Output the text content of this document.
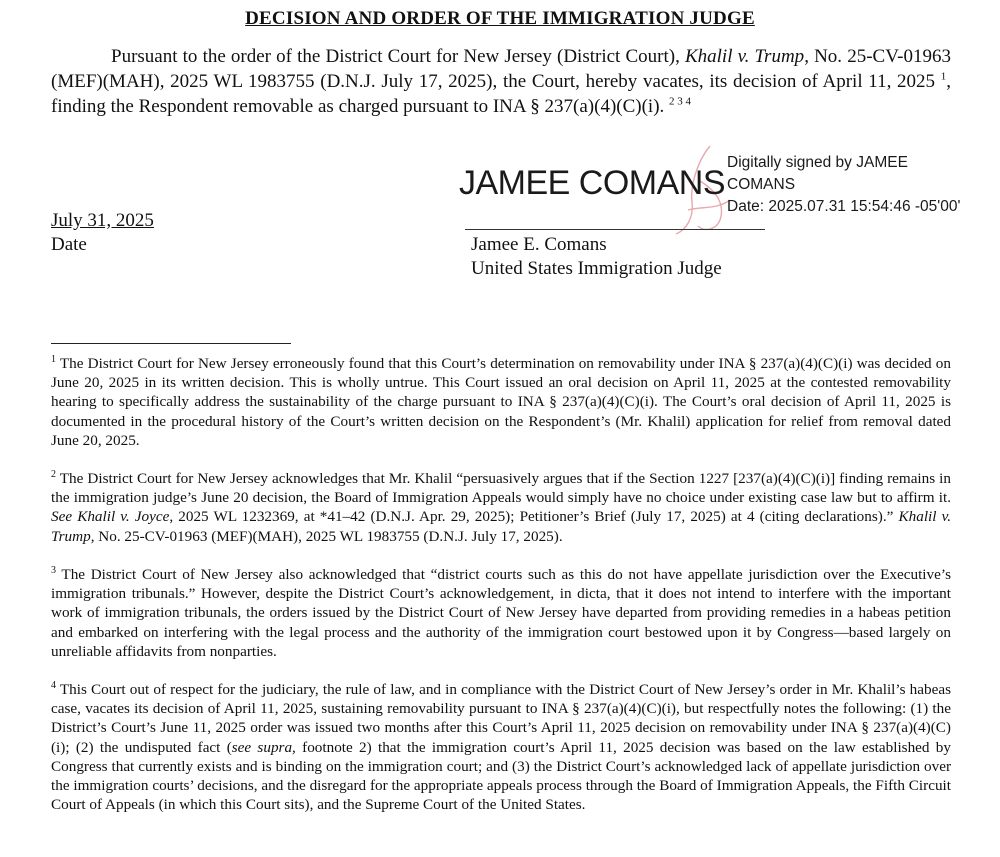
DECISION AND ORDER OF THE IMMIGRATION JUDGE

Pursuant to the order of the District Court for New Jersey (District Court), Khalil v. Trump, No. 25-CV-01963 (MEF)(MAH), 2025 WL 1983755 (D.N.J. July 17, 2025), the Court, hereby vacates, its decision of April 11, 2025 $^1$, finding the Respondent removable as charged pursuant to INA § 237(a)(4)(C)(i). $^{2 3 4}$

JAMEE COMANS
Digitally signed by JAMEE
COMANS
Date: 2025.07.31 15:54:46 -05'00'
Jamee E. Comans
United States Immigration Judge
July 31, 2025
Date

$^1$ The District Court for New Jersey erroneously found that this Court’s determination on removability under INA § 237(a)(4)(C)(i) was decided on June 20, 2025 in its written decision. This is wholly untrue. This Court issued an oral decision on April 11, 2025 at the contested removability hearing to specifically address the sustainability of the charge pursuant to INA § 237(a)(4)(C)(i). The Court’s oral decision of April 11, 2025 is documented in the procedural history of the Court’s written decision on the Respondent’s (Mr. Khalil) application for relief from removal dated June 20, 2025.

$^2$ The District Court for New Jersey acknowledges that Mr. Khalil “persuasively argues that if the Section 1227 [237(a)(4)(C)(i)] finding remains in the immigration judge’s June 20 decision, the Board of Immigration Appeals would simply have no choice under existing case law but to affirm it. See Khalil v. Joyce, 2025 WL 1232369, at *41–42 (D.N.J. Apr. 29, 2025); Petitioner’s Brief (July 17, 2025) at 4 (citing declarations).” Khalil v. Trump, No. 25-CV-01963 (MEF)(MAH), 2025 WL 1983755 (D.N.J. July 17, 2025).

$^3$ The District Court of New Jersey also acknowledged that “district courts such as this do not have appellate jurisdiction over the Executive’s immigration tribunals.” However, despite the District Court’s acknowledgement, in dicta, that it does not intend to interfere with the important work of immigration tribunals, the orders issued by the District Court of New Jersey have departed from providing remedies in a habeas petition and embarked on interfering with the legal process and the authority of the immigration court bestowed upon it by Congress—based largely on unreliable affidavits from nonparties.

$^4$ This Court out of respect for the judiciary, the rule of law, and in compliance with the District Court of New Jersey’s order in Mr. Khalil’s habeas case, vacates its decision of April 11, 2025, sustaining removability pursuant to INA § 237(a)(4)(C)(i), but respectfully notes the following: (1) the District’s Court’s June 11, 2025 order was issued two months after this Court’s April 11, 2025 decision on removability under INA § 237(a)(4)(C)(i); (2) the undisputed fact (see supra, footnote 2) that the immigration court’s April 11, 2025 decision was based on the law established by Congress that currently exists and is binding on the immigration court; and (3) the District Court’s acknowledged lack of appellate jurisdiction over the immigration courts’ decisions, and the disregard for the appropriate appeals process through the Board of Immigration Appeals, the Fifth Circuit Court of Appeals (in which this Court sits), and the Supreme Court of the United States.
